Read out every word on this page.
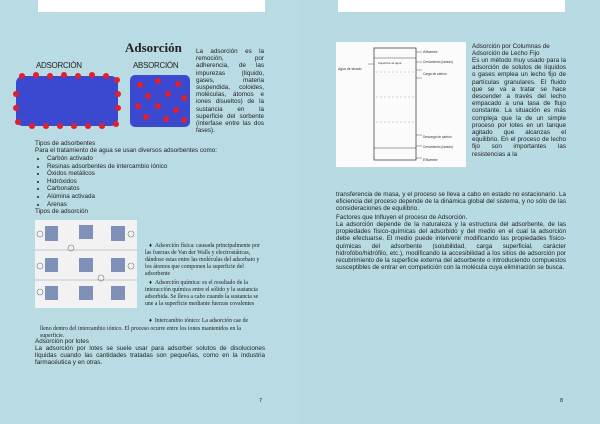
Adsorción
ADSORCIÓN	ABSORCIÓN
La adsorción es la remoción, por adherencia, de las impurezas (líquido, gases, materia suspendida, coloides, moléculas, átomos e iones disueltos) de la sustancia en la superficie del sorbente (interfase entre las dos fases).
Tipos de adsorbentes
Para el tratamiento de agua se usan diversos adsorbentes como:
• Carbón activado
• Resinas adsorbentes de intercambio iónico
• Óxidos metálicos
• Hidróxidos
• Carbonatos
• Alúmina activada
• Arenas
Tipos de adsorción
♦  Adsorción física: causada principalmente por las fuerzas de Van der Walls y electrostáticas, dándose estas entre las moléculas del adsorbato y los átomos que componen la superficie del adsorbente
♦  Adsorción química: es el resultado de la interacción química entre el sólido y la sustancia adsorbida. Se lleva a cabo cuando la sustancia se une a la superficie mediante fuerzas covalentes
♦  Intercambio iónico: La adsorción cae de
lleno dentro del intercambio iónico. El proceso ocurre entre los iones mantenidos en la superficie.
Adsorción por lotes
La adsorción por lotes se suele usar para adsorber solutos de disoluciones líquidas cuando las cantidades tratadas son pequeñas, como en la industria farmacéutica y en otras.
7
Afluente
Cerramiento (lavado)
Superficie de agua
Carga de carbón
Agua de lavado
Descarga de carbón
Cerramiento (lavado)
Efluente
Adsorción por Columnas de Adsorción de Lecho Fijo
Es un método muy usado para la adsorción de solutos de líquidos o gases emplea un lecho fijo de partículas granulares. El fluido que se va a tratar se hace descender a través del lecho empacado a una tasa de flujo constante. La situación es más compleja que la de un simple proceso por lotes en un tanque agitado que alcanzas el equilibrio. En el proceso de lecho fijo son importantes las resistencias a la
transferencia de masa, y el proceso se lleva a cabo en estado no estacionario. La eficiencia del proceso depende de la dinámica global del sistema, y no sólo de las consideraciones de equilibrio.
Factores que Influyen el proceso de Adsorción.
La adsorción depende de la naturaleza y la estructura del adsorbente, de las propiedades físico-químicas del adsorbido y del medio en el cual la adsorción debe efectuarse. El medio puede intervenir modificando las propiedades físico-químicas del adsorbente (solubilidad, carga superficial, carácter hidrofóbo/hidrófilo, etc.), modificando la accesibilidad a los sitios de adsorción por recubrimiento de la superficie externa del adsorbente o introduciendo compuestos susceptibles de entrar en competición con la molécula cuya eliminación se busca.
8
